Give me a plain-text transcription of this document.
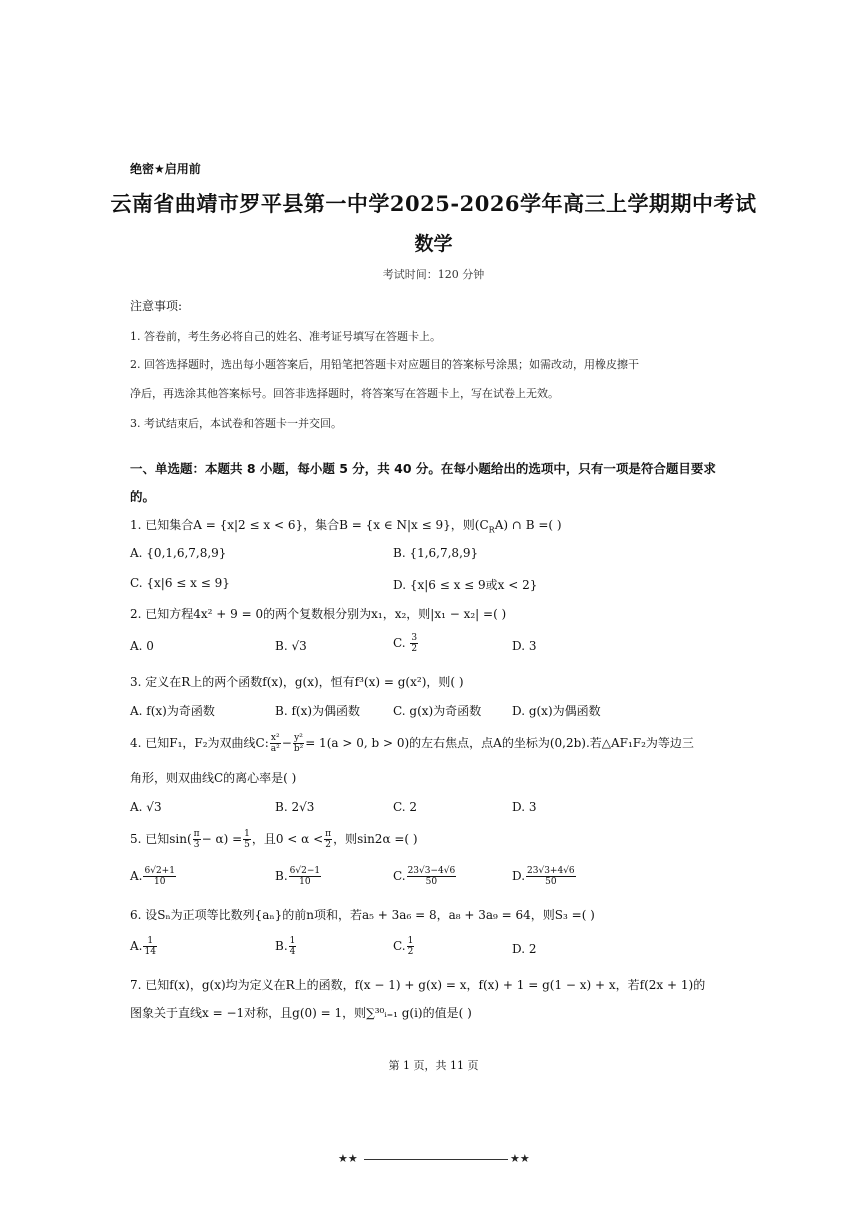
绝密★启用前
云南省曲靖市罗平县第一中学2025-2026学年高三上学期期中考试
数学
考试时间：120 分钟
注意事项:
1. 答卷前，考生务必将自己的姓名、准考证号填写在答题卡上。
2. 回答选择题时，选出每小题答案后，用铅笔把答题卡对应题目的答案标号涂黑；如需改动，用橡皮擦干
净后，再选涂其他答案标号。回答非选择题时，将答案写在答题卡上，写在试卷上无效。
3. 考试结束后，本试卷和答题卡一并交回。
一、单选题：本题共 8 小题，每小题 5 分，共 40 分。在每小题给出的选项中，只有一项是符合题目要求
的。
1. 已知集合A = {x|2 ≤ x < 6}，集合B = {x ∈ N|x ≤ 9}，则$(C_RA)$ ∩ B =( )
A. {0,1,6,7,8,9}	B. {1,6,7,8,9}
C. {x|6 ≤ x ≤ 9}	D. {x|6 ≤ x ≤ 9或x < 2}
2. 已知方程4x² + 9 = 0的两个复数根分别为x₁，x₂，则|x₁ − x₂| =( )
A. 0	B. √3	C. $\frac{3}{2}$	D. 3
3. 定义在R上的两个函数f(x)，g(x)，恒有f³(x) = g(x²)，则( )
A. f(x)为奇函数	B. f(x)为偶函数	C. g(x)为奇函数	D. g(x)为偶函数
4. 已知F₁，F₂为双曲线C: $\frac{\text{x²}}{\text{a²}} - \frac{\text{y²}}{\text{b²}} = 1(a > 0$, b > 0)的左右焦点，点A的坐标为(0,2b).若△AF₁F₂为等边三
角形，则双曲线C的离心率是( )
A. √3	B. 2√3	C. 2	D. 3
5. 已知$\sin( \frac{\pi}{3} - \alpha) = \frac{1}{5}$ ，且$0 < \alpha < \frac{\pi}{2}$ ，则sin2α =( )
A. $\frac{6√2+1}{10}$	B. $\frac{6√2-1}{10}$	C. $\frac{23√3-4√6}{50}$	D. $\frac{23√3+4√6}{50}$
6. 设Sₙ为正项等比数列{aₙ}的前n项和，若a₅ + 3a₆ = 8，a₈ + 3a₉ = 64，则S₃ =( )
A. $\frac{1}{14}$	B. $\frac{1}{4}$	C. $\frac{1}{2}$	D. 2
7. 已知f(x)，g(x)均为定义在R上的函数，f(x − 1) + g(x) = x，f(x) + 1 = g(1 − x) + x，若f(2x + 1)的
图象关于直线x = −1对称，且g(0) = 1，则∑³⁰ᵢ₌₁ g(i)的值是( )
第 1 页，共 11 页
★★	★★
